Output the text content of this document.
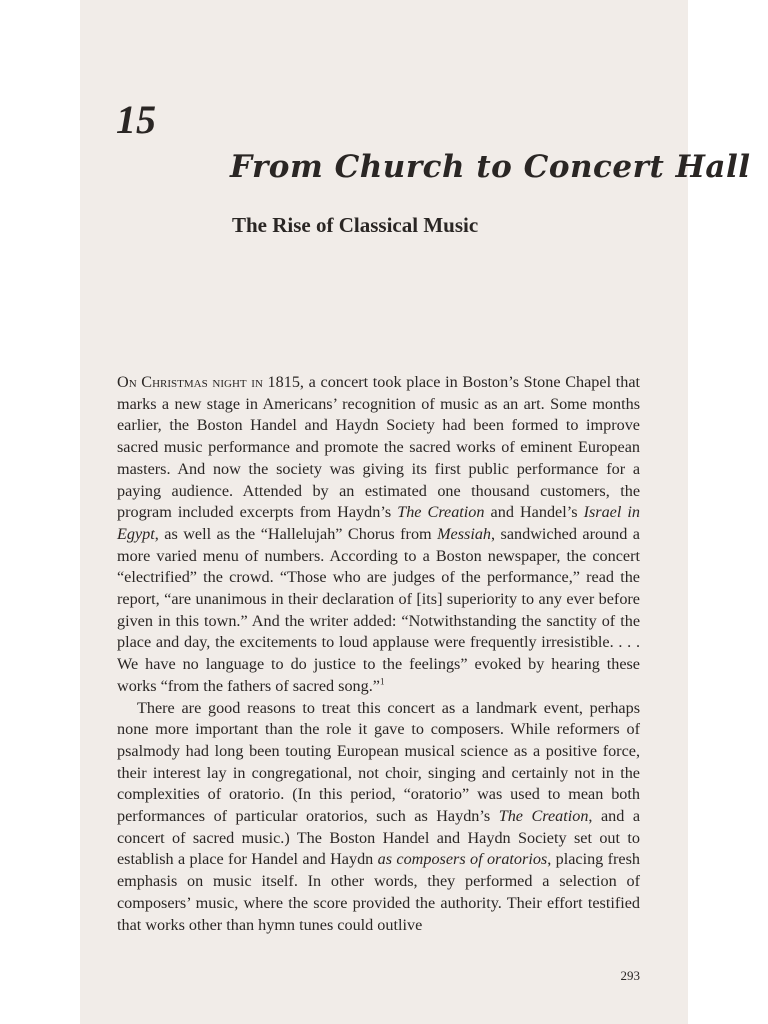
15
From Church to Concert Hall
The Rise of Classical Music

On Christmas night in 1815, a concert took place in Boston’s Stone Chapel that marks a new stage in Americans’ recognition of music as an art. Some months earlier, the Boston Handel and Haydn Society had been formed to improve sacred music performance and promote the sacred works of eminent European masters. And now the society was giving its first public performance for a paying audience. Attended by an estimated one thousand customers, the program included excerpts from Haydn’s The Creation and Handel’s Israel in Egypt, as well as the “Hallelujah” Chorus from Messiah, sandwiched around a more varied menu of numbers. According to a Boston newspaper, the concert “electrified” the crowd. “Those who are judges of the performance,” read the report, “are unanimous in their declaration of [its] superiority to any ever before given in this town.” And the writer added: “Notwithstanding the sanctity of the place and day, the excitements to loud applause were frequently irresistible. . . . We have no language to do justice to the feelings” evoked by hearing these works “from the fathers of sacred song.”$^1$

There are good reasons to treat this concert as a landmark event, perhaps none more important than the role it gave to composers. While reformers of psalmody had long been touting European musical science as a positive force, their interest lay in congregational, not choir, singing and certainly not in the complexities of oratorio. (In this period, “oratorio” was used to mean both performances of particular oratorios, such as Haydn’s The Creation, and a concert of sacred music.) The Boston Handel and Haydn Society set out to establish a place for Handel and Haydn as composers of oratorios, placing fresh emphasis on music itself. In other words, they performed a selection of composers’ music, where the score provided the authority. Their effort testified that works other than hymn tunes could outlive

293
